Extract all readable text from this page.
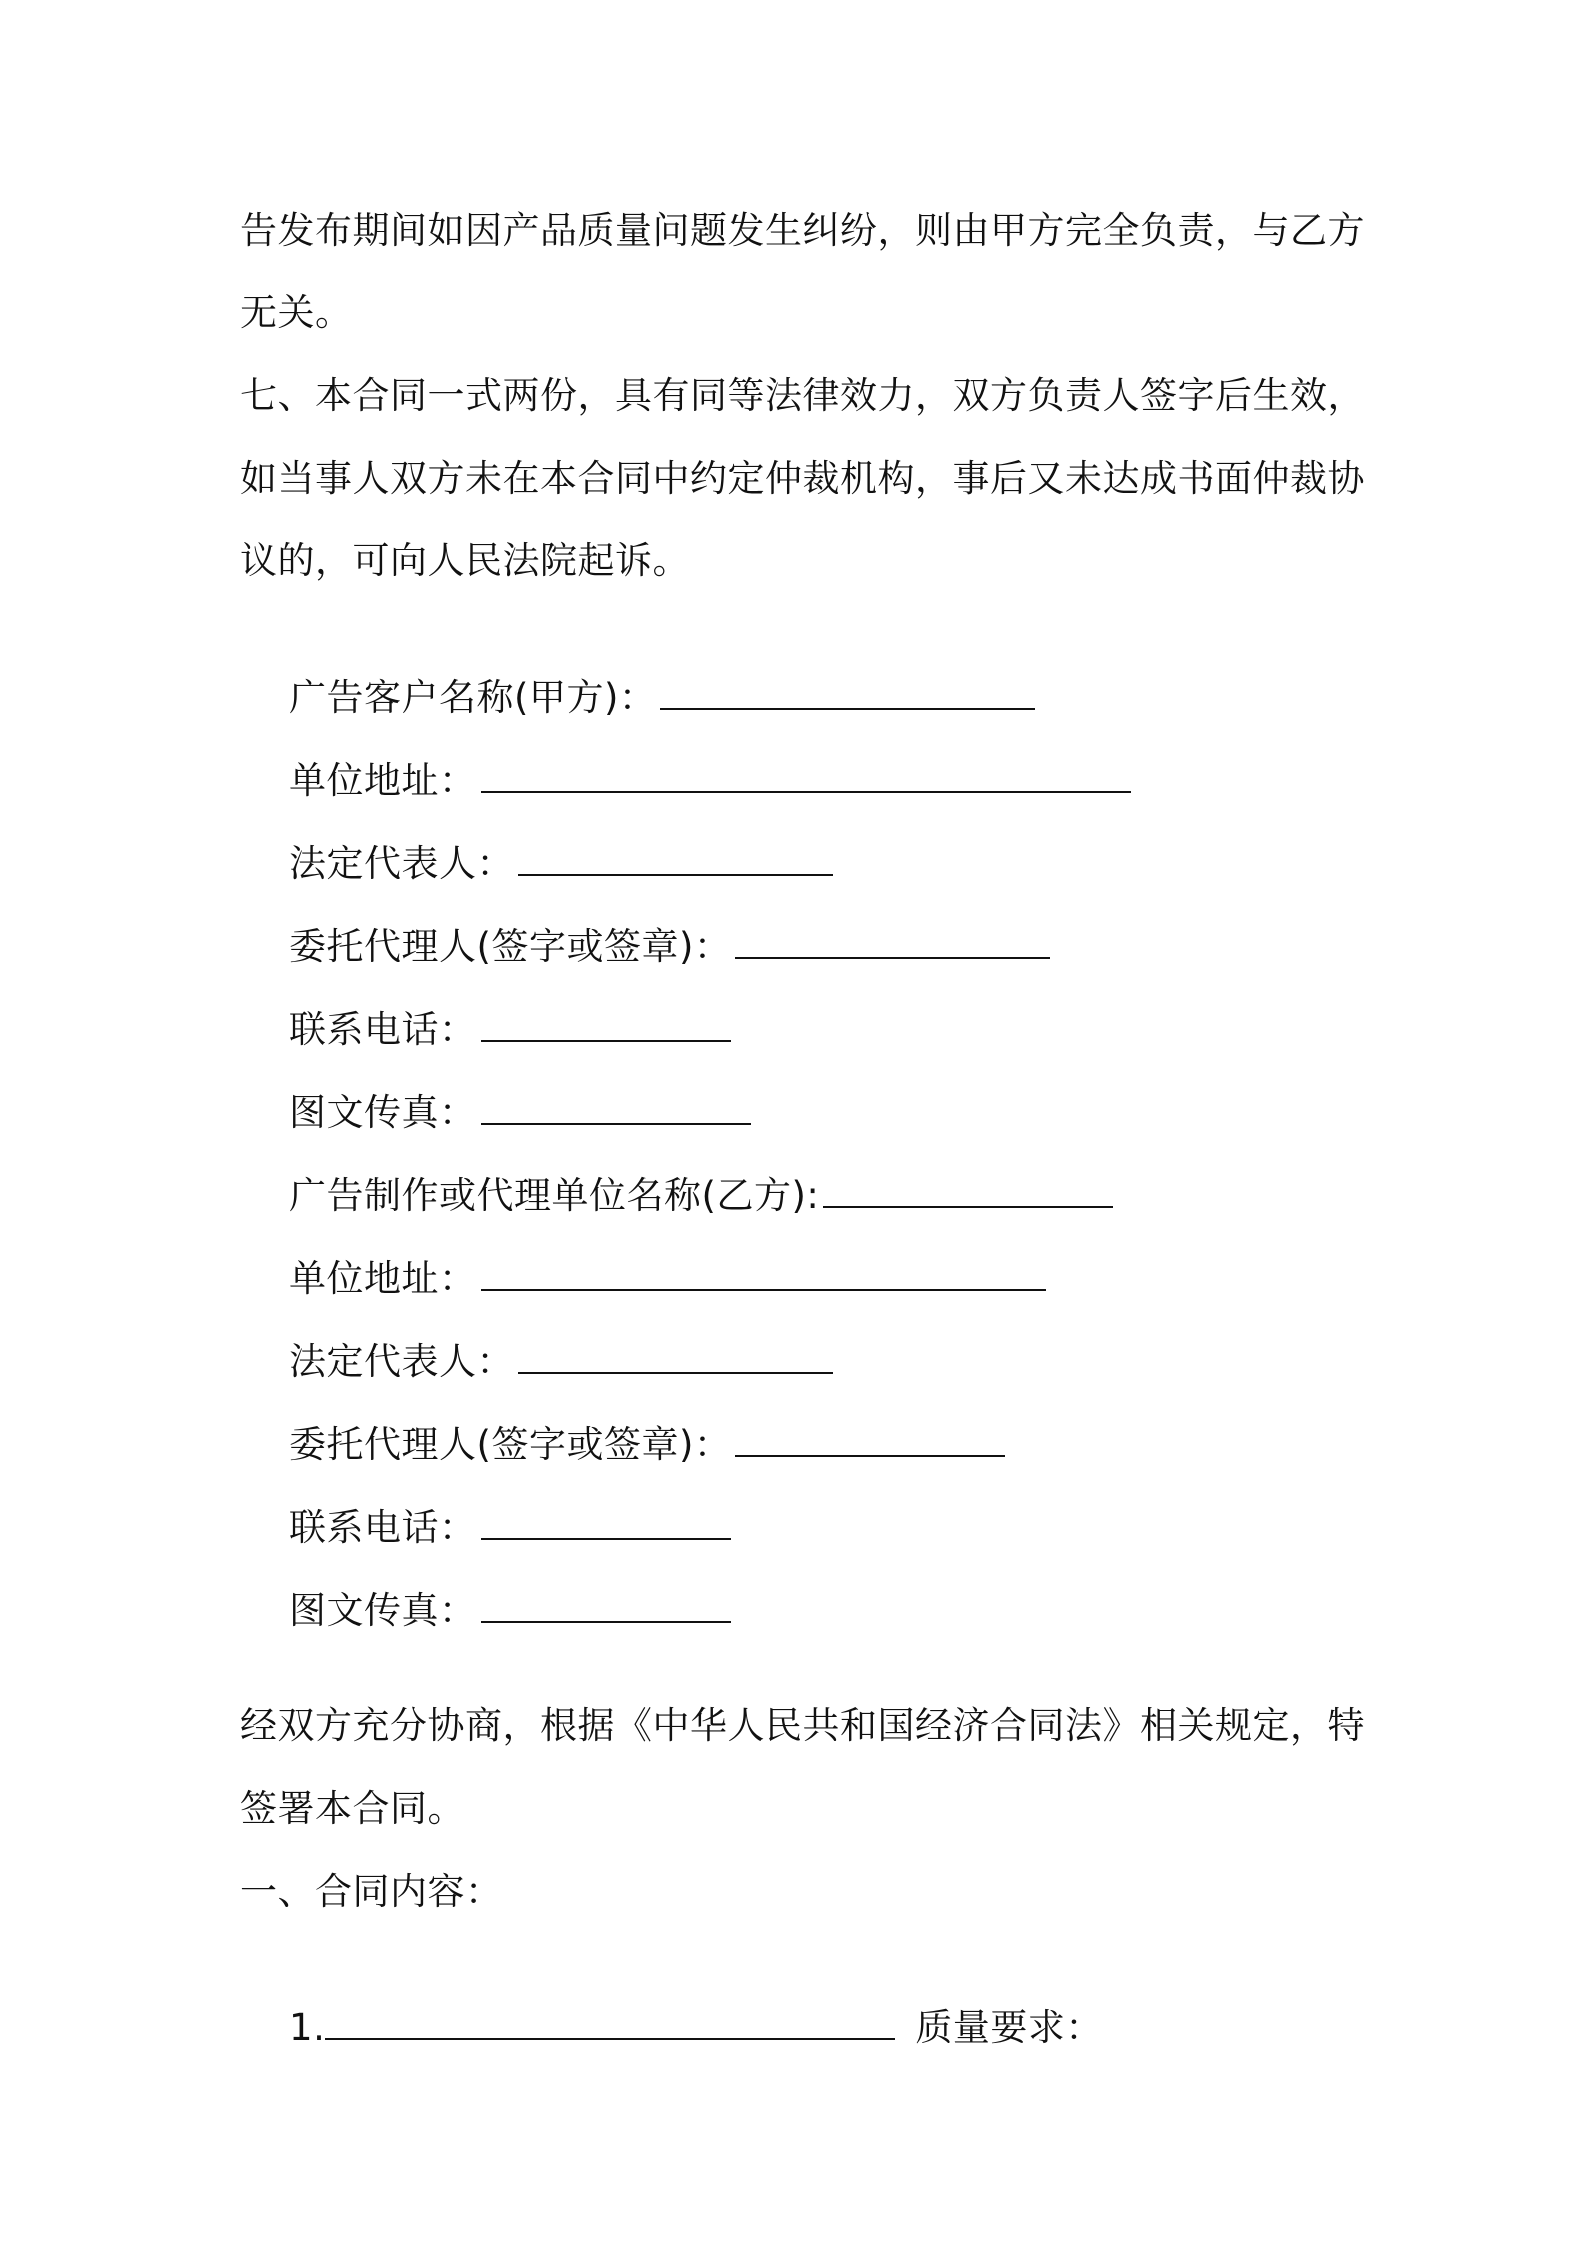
告发布期间如因产品质量问题发生纠纷，则由甲方完全负责，与乙方
无关。
七、本合同一式两份，具有同等法律效力，双方负责人签字后生效，
如当事人双方未在本合同中约定仲裁机构，事后又未达成书面仲裁协
议的，可向人民法院起诉。

广告客户名称(甲方)：

单位地址：

法定代表人：

委托代理人(签字或签章)：

联系电话：

图文传真：

广告制作或代理单位名称(乙方):

单位地址：

法定代表人：

委托代理人(签字或签章)：

联系电话：

图文传真：

经双方充分协商，根据《中华人民共和国经济合同法》相关规定，特
签署本合同。
一、合同内容：

1.	质量要求：
